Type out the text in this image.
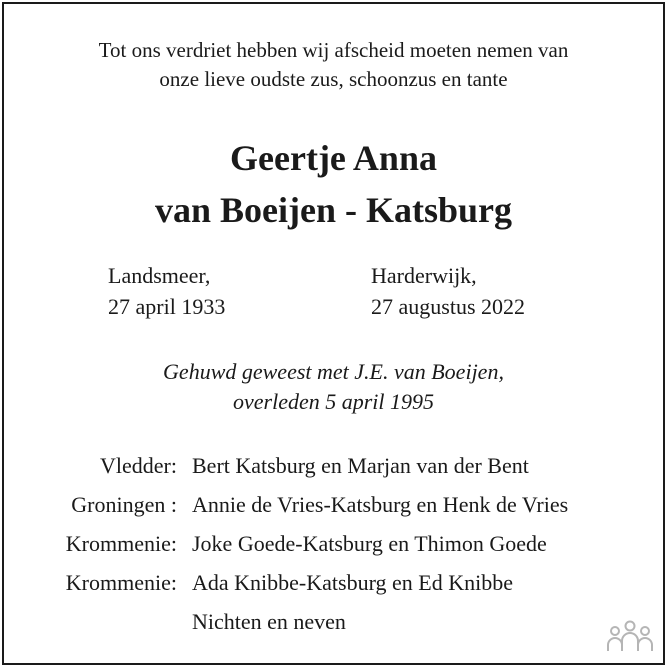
Tot ons verdriet hebben wij afscheid moeten nemen van
onze lieve oudste zus, schoonzus en tante
Geertje Anna
van Boeijen - Katsburg
Landsmeer,
27 april 1933
Harderwijk,
27 augustus 2022
Gehuwd geweest met J.E. van Boeijen,
overleden 5 april 1995
Vledder: Bert Katsburg en Marjan van der Bent
Groningen : Annie de Vries-Katsburg en Henk de Vries
Krommenie: Joke Goede-Katsburg en Thimon Goede
Krommenie: Ada Knibbe-Katsburg en Ed Knibbe
Nichten en neven
